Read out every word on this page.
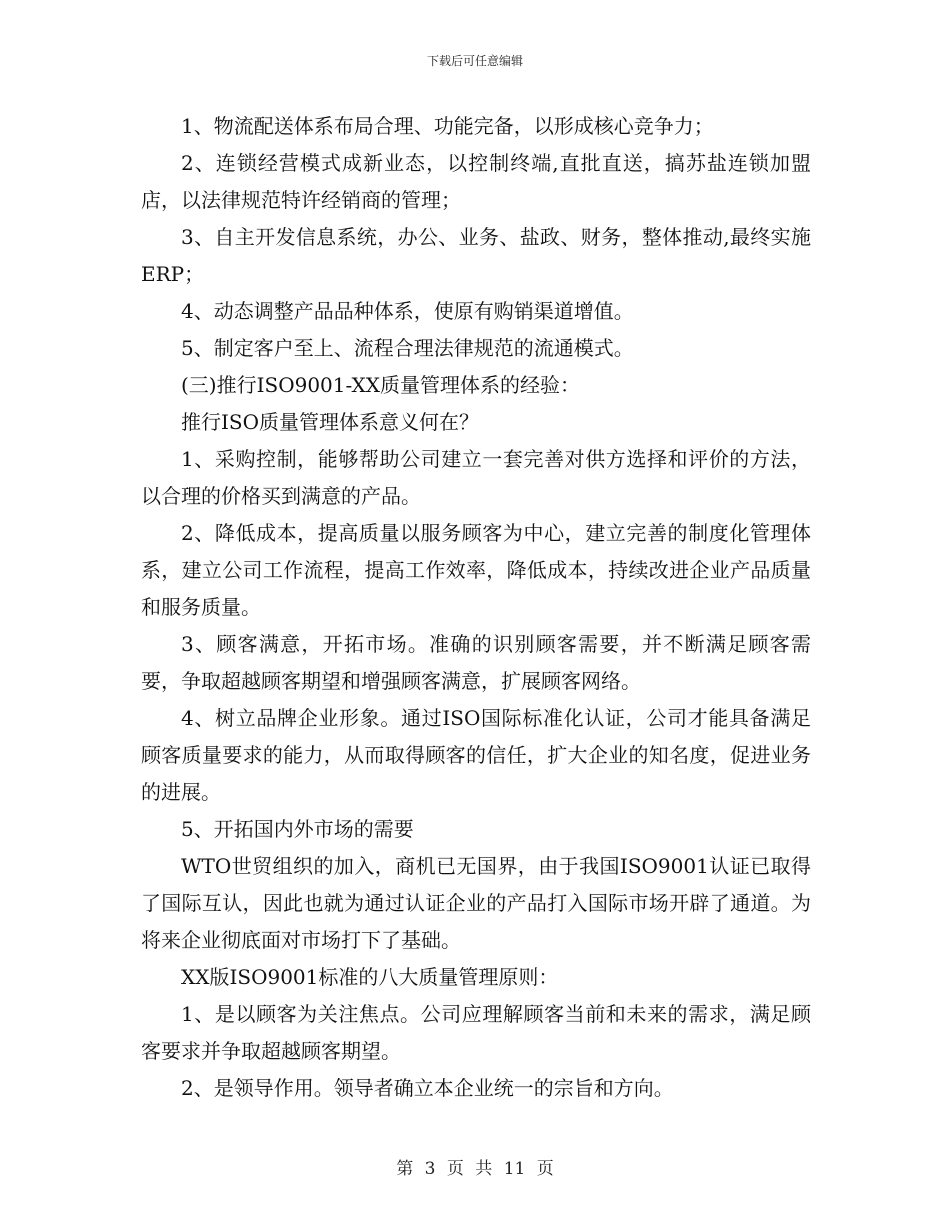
下载后可任意编辑

1、物流配送体系布局合理、功能完备，以形成核心竞争力；

2、连锁经营模式成新业态，以控制终端,直批直送，搞苏盐连锁加盟店，以法律规范特许经销商的管理；

3、自主开发信息系统，办公、业务、盐政、财务，整体推动,最终实施ERP；

4、动态调整产品品种体系，使原有购销渠道增值。

5、制定客户至上、流程合理法律规范的流通模式。

(三)推行ISO9001-XX质量管理体系的经验：

推行ISO质量管理体系意义何在？

1、采购控制，能够帮助公司建立一套完善对供方选择和评价的方法，以合理的价格买到满意的产品。

2、降低成本，提高质量以服务顾客为中心，建立完善的制度化管理体系，建立公司工作流程，提高工作效率，降低成本，持续改进企业产品质量和服务质量。

3、顾客满意，开拓市场。准确的识别顾客需要，并不断满足顾客需要，争取超越顾客期望和增强顾客满意，扩展顾客网络。

4、树立品牌企业形象。通过ISO国际标准化认证，公司才能具备满足顾客质量要求的能力，从而取得顾客的信任，扩大企业的知名度，促进业务的进展。

5、开拓国内外市场的需要

WTO世贸组织的加入，商机已无国界，由于我国ISO9001认证已取得了国际互认，因此也就为通过认证企业的产品打入国际市场开辟了通道。为将来企业彻底面对市场打下了基础。

XX版ISO9001标准的八大质量管理原则：

1、是以顾客为关注焦点。公司应理解顾客当前和未来的需求，满足顾客要求并争取超越顾客期望。

2、是领导作用。领导者确立本企业统一的宗旨和方向。

第 3 页 共 11 页
